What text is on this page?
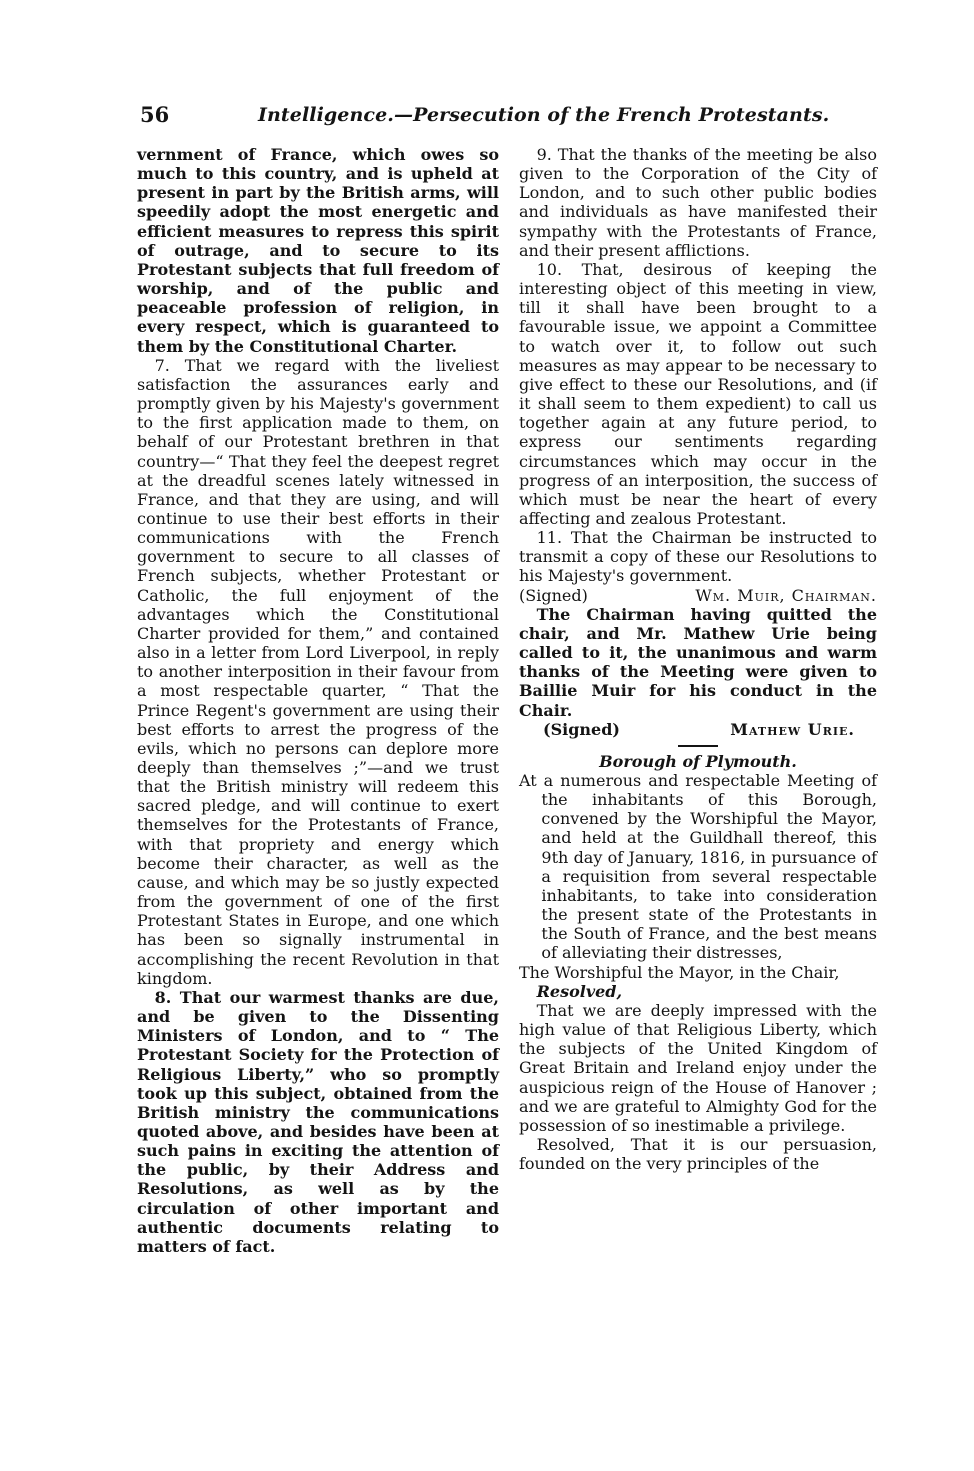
56	Intelligence.—Persecution of the French Protestants.

vernment of France, which owes so much to this country, and is upheld at present in part by the British arms, will speedily adopt the most energetic and efficient measures to repress this spirit of outrage, and to secure to its Protestant subjects that full freedom of worship, and of the public and peaceable profession of religion, in every respect, which is guaranteed to them by the Constitutional Charter.

7. That we regard with the liveliest satisfaction the assurances early and promptly given by his Majesty's government to the first application made to them, on behalf of our Protestant brethren in that country—“ That they feel the deepest regret at the dreadful scenes lately witnessed in France, and that they are using, and will continue to use their best efforts in their communications with the French government to secure to all classes of French subjects, whether Protestant or Catholic, the full enjoyment of the advantages which the Constitutional Charter provided for them,” and contained also in a letter from Lord Liverpool, in reply to another interposition in their favour from a most respectable quarter, “ That the Prince Regent's government are using their best efforts to arrest the progress of the evils, which no persons can deplore more deeply than themselves ;”—and we trust that the British ministry will redeem this sacred pledge, and will continue to exert themselves for the Protestants of France, with that propriety and energy which become their character, as well as the cause, and which may be so justly expected from the government of one of the first Protestant States in Europe, and one which has been so signally instrumental in accomplishing the recent Revolution in that kingdom.

8. That our warmest thanks are due, and be given to the Dissenting Ministers of London, and to “ The Protestant Society for the Protection of Religious Liberty,” who so promptly took up this subject, obtained from the British ministry the communications quoted above, and besides have been at such pains in exciting the attention of the public, by their Address and Resolutions, as well as by the circulation of other important and authentic documents relating to matters of fact.

9. That the thanks of the meeting be also given to the Corporation of the City of London, and to such other public bodies and individuals as have manifested their sympathy with the Protestants of France, and their present afflictions.

10. That, desirous of keeping the interesting object of this meeting in view, till it shall have been brought to a favourable issue, we appoint a Committee to watch over it, to follow out such measures as may appear to be necessary to give effect to these our Resolutions, and (if it shall seem to them expedient) to call us together again at any future period, to express our sentiments regarding circumstances which may occur in the progress of an interposition, the success of which must be near the heart of every affecting and zealous Protestant.

11. That the Chairman be instructed to transmit a copy of these our Resolutions to his Majesty's government.

(Signed)	Wm. Muir, Chairman.

The Chairman having quitted the chair, and Mr. Mathew Urie being called to it, the unanimous and warm thanks of the Meeting were given to Baillie Muir for his conduct in the Chair.

(Signed)	Mathew Urie.

Borough of Plymouth.

At a numerous and respectable Meeting of the inhabitants of this Borough, convened by the Worshipful the Mayor, and held at the Guildhall thereof, this 9th day of January, 1816, in pursuance of a requisition from several respectable inhabitants, to take into consideration the present state of the Protestants in the South of France, and the best means of alleviating their distresses,

The Worshipful the Mayor, in the Chair,

Resolved,

That we are deeply impressed with the high value of that Religious Liberty, which the subjects of the United Kingdom of Great Britain and Ireland enjoy under the auspicious reign of the House of Hanover ; and we are grateful to Almighty God for the possession of so inestimable a privilege.

Resolved, That it is our persuasion, founded on the very principles of the
